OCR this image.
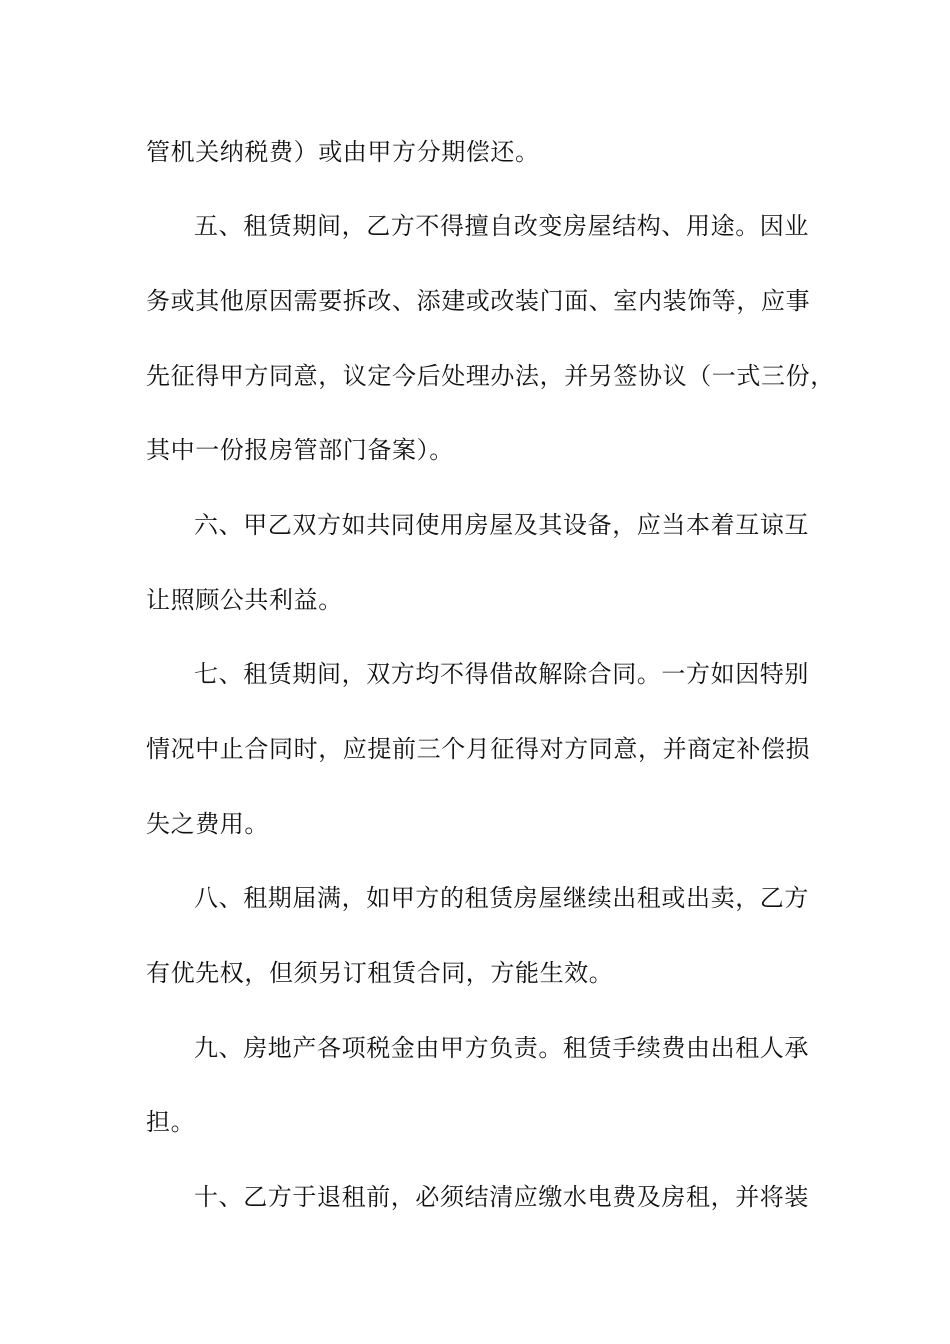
管机关纳税费）或由甲方分期偿还。
五、租赁期间，乙方不得擅自改变房屋结构、用途。因业
务或其他原因需要拆改、添建或改装门面、室内装饰等，应事
先征得甲方同意，议定今后处理办法，并另签协议（一式三份，
其中一份报房管部门备案）。
六、甲乙双方如共同使用房屋及其设备，应当本着互谅互
让照顾公共利益。
七、租赁期间，双方均不得借故解除合同。一方如因特别
情况中止合同时，应提前三个月征得对方同意，并商定补偿损
失之费用。
八、租期届满，如甲方的租赁房屋继续出租或出卖，乙方
有优先权，但须另订租赁合同，方能生效。
九、房地产各项税金由甲方负责。租赁手续费由出租人承
担。
十、乙方于退租前，必须结清应缴水电费及房租，并将装
